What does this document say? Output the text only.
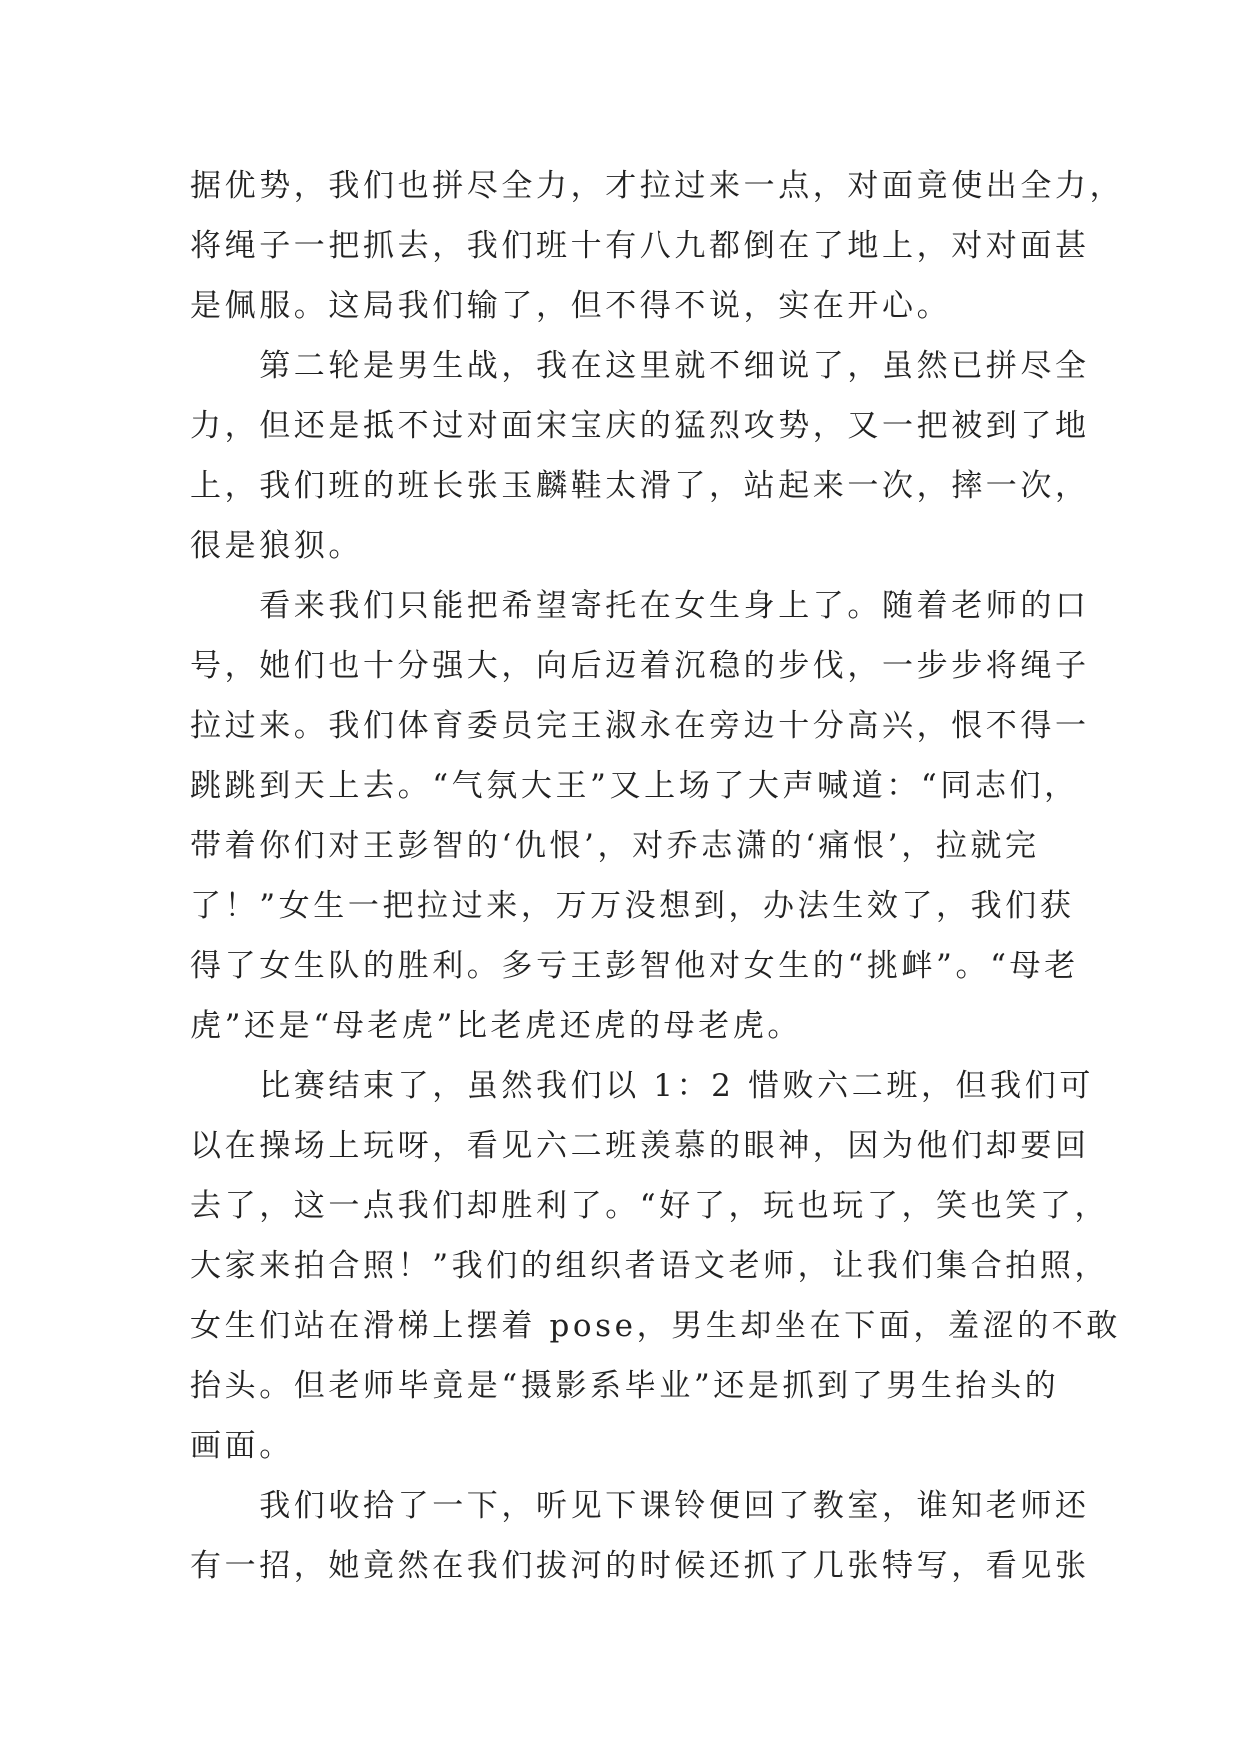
据优势，我们也拼尽全力，才拉过来一点，对面竟使出全力，
将绳子一把抓去，我们班十有八九都倒在了地上，对对面甚
是佩服。这局我们输了，但不得不说，实在开心。
　　第二轮是男生战，我在这里就不细说了，虽然已拼尽全
力，但还是抵不过对面宋宝庆的猛烈攻势，又一把被到了地
上，我们班的班长张玉麟鞋太滑了，站起来一次，摔一次，
很是狼狈。
　　看来我们只能把希望寄托在女生身上了。随着老师的口
号，她们也十分强大，向后迈着沉稳的步伐，一步步将绳子
拉过来。我们体育委员完王淑永在旁边十分高兴，恨不得一
跳跳到天上去。“气氛大王”又上场了大声喊道：“同志们，
带着你们对王彭智的‘仇恨’，对乔志潇的‘痛恨’，拉就完
了！”女生一把拉过来，万万没想到，办法生效了，我们获
得了女生队的胜利。多亏王彭智他对女生的“挑衅”。“母老
虎”还是“母老虎”比老虎还虎的母老虎。
　　比赛结束了，虽然我们以 1：2 惜败六二班，但我们可
以在操场上玩呀，看见六二班羡慕的眼神，因为他们却要回
去了，这一点我们却胜利了。“好了，玩也玩了，笑也笑了，
大家来拍合照！”我们的组织者语文老师，让我们集合拍照，
女生们站在滑梯上摆着 pose，男生却坐在下面，羞涩的不敢
抬头。但老师毕竟是“摄影系毕业”还是抓到了男生抬头的
画面。
　　我们收拾了一下，听见下课铃便回了教室，谁知老师还
有一招，她竟然在我们拔河的时候还抓了几张特写，看见张
